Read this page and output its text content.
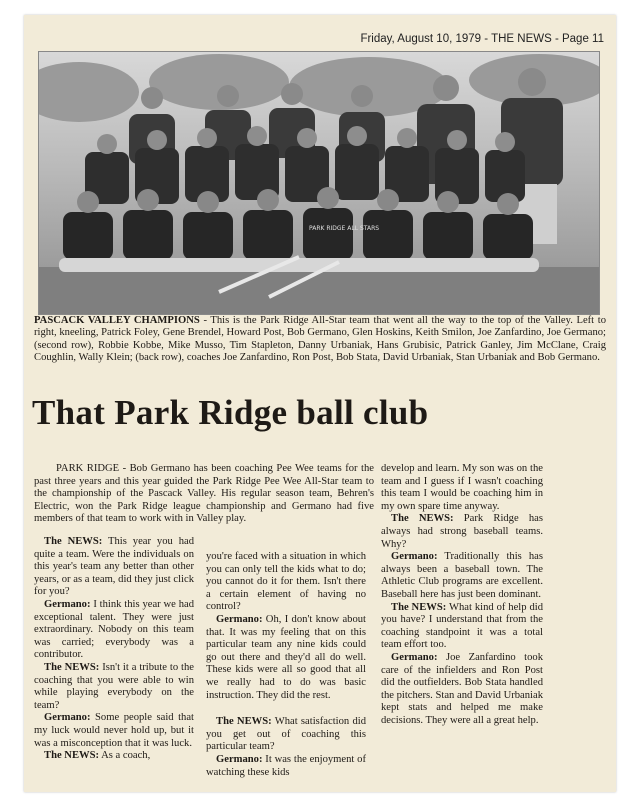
Friday, August 10, 1979 - THE NEWS - Page 11
PARK RIDGE ALL STARS
PASCACK VALLEY CHAMPIONS - This is the Park Ridge All-Star team that went all the way to the top of the Valley. Left to right, kneeling, Patrick Foley, Gene Brendel, Howard Post, Bob Germano, Glen Hoskins, Keith Smilon, Joe Zanfardino, Joe Germano; (second row), Robbie Kobbe, Mike Musso, Tim Stapleton, Danny Urbaniak, Hans Grubisic, Patrick Ganley, Jim McClane, Craig Coughlin, Wally Klein; (back row), coaches Joe Zanfardino, Ron Post, Bob Stata, David Urbaniak, Stan Urbaniak and Bob Germano.
That Park Ridge ball club
PARK RIDGE - Bob Germano has been coaching Pee Wee teams for the past three years and this year guided the Park Ridge Pee Wee All-Star team to the championship of the Pascack Valley. His regular season team, Behren's Electric, won the Park Ridge league championship and Germano had five members of that team to work with in Valley play.

The NEWS: This year you had quite a team. Were the individuals on this year's team any better than other years, or as a team, did they just click for you?

Germano: I think this year we had exceptional talent. They were just extraordinary. Nobody on this team was carried; everybody was a contributor.

The NEWS: Isn't it a tribute to the coaching that you were able to win while playing everybody on the team?

Germano: Some people said that my luck would never hold up, but it was a misconception that it was luck.

The NEWS: As a coach,

you're faced with a situation in which you can only tell the kids what to do; you cannot do it for them. Isn't there a certain element of having no control?

Germano: Oh, I don't know about that. It was my feeling that on this particular team any nine kids could go out there and they'd all do well. These kids were all so good that all we really had to do was basic instruction. They did the rest.

The NEWS: What satisfaction did you get out of coaching this particular team?

Germano: It was the enjoyment of watching these kids

develop and learn. My son was on the team and I guess if I wasn't coaching this team I would be coaching him in my own spare time anyway.

The NEWS: Park Ridge has always had strong baseball teams. Why?

Germano: Traditionally this has always been a baseball town. The Athletic Club programs are excellent. Baseball here has just been dominant.

The NEWS: What kind of help did you have? I understand that from the coaching standpoint it was a total team effort too.

Germano: Joe Zanfardino took care of the infielders and Ron Post did the outfielders. Bob Stata handled the pitchers. Stan and David Urbaniak kept stats and helped me make decisions. They were all a great help.
